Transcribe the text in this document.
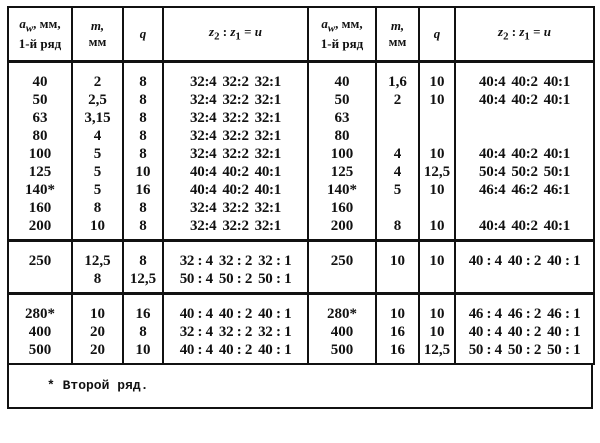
$a_w$, мм,
1-й ряд	m,
мм	q	$z_2$ : $z_1 = u$	$a_w$, мм,
1-й ряд	m,
мм	q	$z_2$ : $z_1 = u$
40	2	8	32:4 32:2 32:1	40	1,6	10	40:4 40:2 40:1
50	2,5	8	32:4 32:2 32:1	50	2	10	40:4 40:2 40:1
63	3,15	8	32:4 32:2 32:1	63			
80	4	8	32:4 32:2 32:1	80			
100	5	8	32:4 32:2 32:1	100	4	10	40:4 40:2 40:1
125	5	10	40:4 40:2 40:1	125	4	12,5	50:4 50:2 50:1
140*	5	16	40:4 40:2 40:1	140*	5	10	46:4 46:2 46:1
160	8	8	32:4 32:2 32:1	160			
200	10	8	32:4 32:2 32:1	200	8	10	40:4 40:2 40:1
250	12,5	8	32 : 4 32 : 2 32 : 1	250	10	10	40 : 4 40 : 2 40 : 1
	8	12,5	50 : 4 50 : 2 50 : 1				
280*	10	16	40 : 4 40 : 2 40 : 1	280*	10	10	46 : 4 46 : 2 46 : 1
400	20	8	32 : 4 32 : 2 32 : 1	400	16	10	40 : 4 40 : 2 40 : 1
500	20	10	40 : 4 40 : 2 40 : 1	500	16	12,5	50 : 4 50 : 2 50 : 1
* Второй ряд.
